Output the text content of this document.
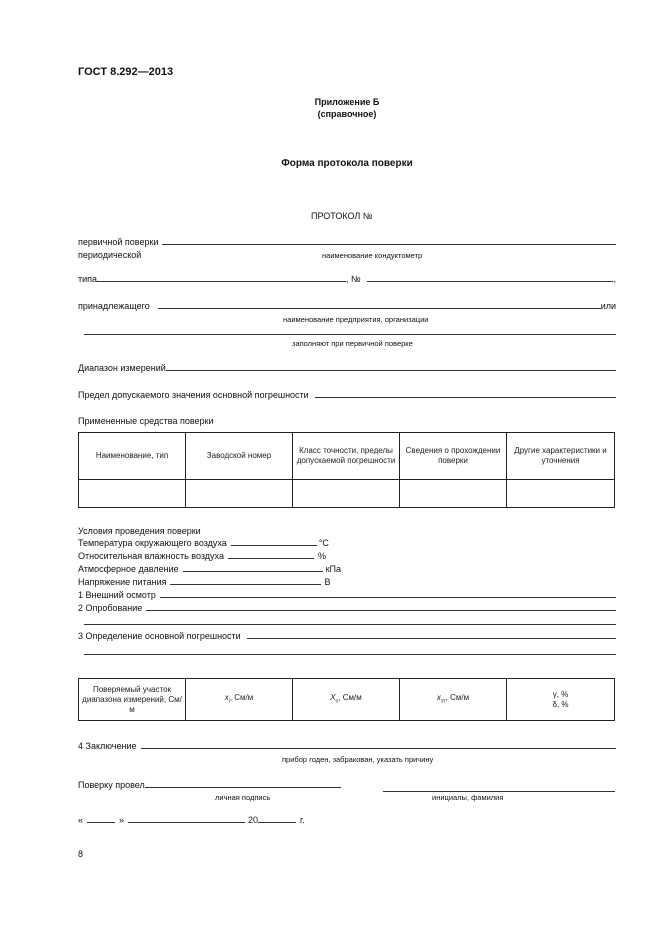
ГОСТ 8.292—2013
Приложение Б
(справочное)
Форма протокола поверки
ПРОТОКОЛ №
первичной поверки
периодической	наименование кондуктометр
типа	, №	,
принадлежащего	или
наименование предприятия, организации
заполняют при первичной поверке
Диапазон измерений
Предел допускаемого значения основной погрешности
Примененные средства поверки
Наименование, тип	Заводской номер	Класс точности, пределы допускаемой погрешности	Сведения о прохождении поверки	Другие характеристики и уточнения

Условия проведения поверки
Температура окружающего воздуха	°С
Относительная влажность воздуха	%
Атмосферное давление	кПа
Напряжение питания	В
1 Внешний осмотр
2 Опробование
3 Определение основной погрешности
Поверяемый участок диапазона измерений, См/м	$x_i$, См/м	$X_о$, См/м	$x_{эт}$, См/м	γ, %
δ, %
4 Заключение
прибор годен, забракован, указать причину
Поверку провел
личная подпись	инициалы, фамилия
«	»	20	г.
8
